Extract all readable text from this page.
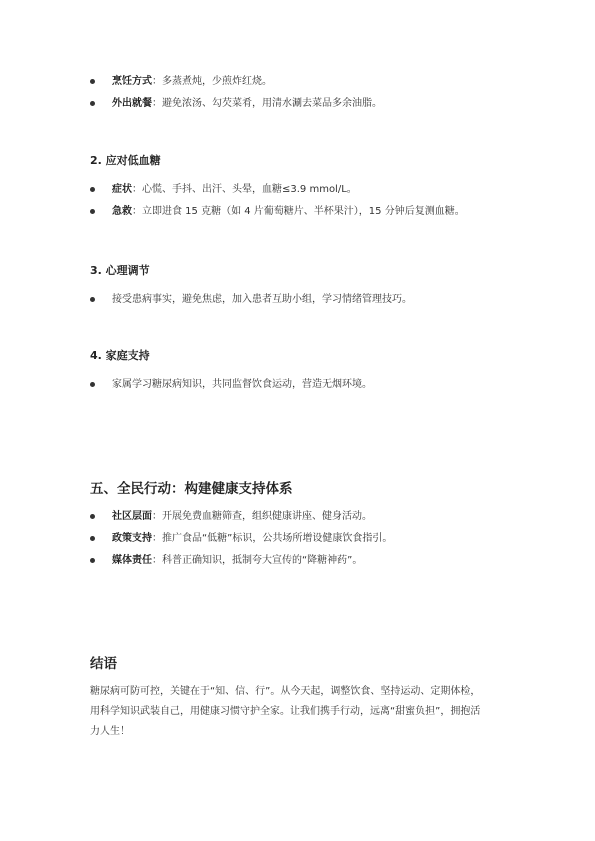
烹饪方式：多蒸煮炖，少煎炸红烧。
外出就餐：避免浓汤、勾芡菜肴，用清水涮去菜品多余油脂。
2. 应对低血糖
症状：心慌、手抖、出汗、头晕，血糖≤3.9 mmol/L。
急救：立即进食 15 克糖（如 4 片葡萄糖片、半杯果汁），15 分钟后复测血糖。
3. 心理调节
接受患病事实，避免焦虑，加入患者互助小组，学习情绪管理技巧。
4. 家庭支持
家属学习糖尿病知识，共同监督饮食运动，营造无烟环境。
五、全民行动：构建健康支持体系
社区层面：开展免费血糖筛查，组织健康讲座、健身活动。
政策支持：推广食品“低糖”标识，公共场所增设健康饮食指引。
媒体责任：科普正确知识，抵制夸大宣传的“降糖神药”。
结语
糖尿病可防可控，关键在于“知、信、行”。从今天起，调整饮食、坚持运动、定期体检，
用科学知识武装自己，用健康习惯守护全家。让我们携手行动，远离“甜蜜负担”，拥抱活
力人生！
